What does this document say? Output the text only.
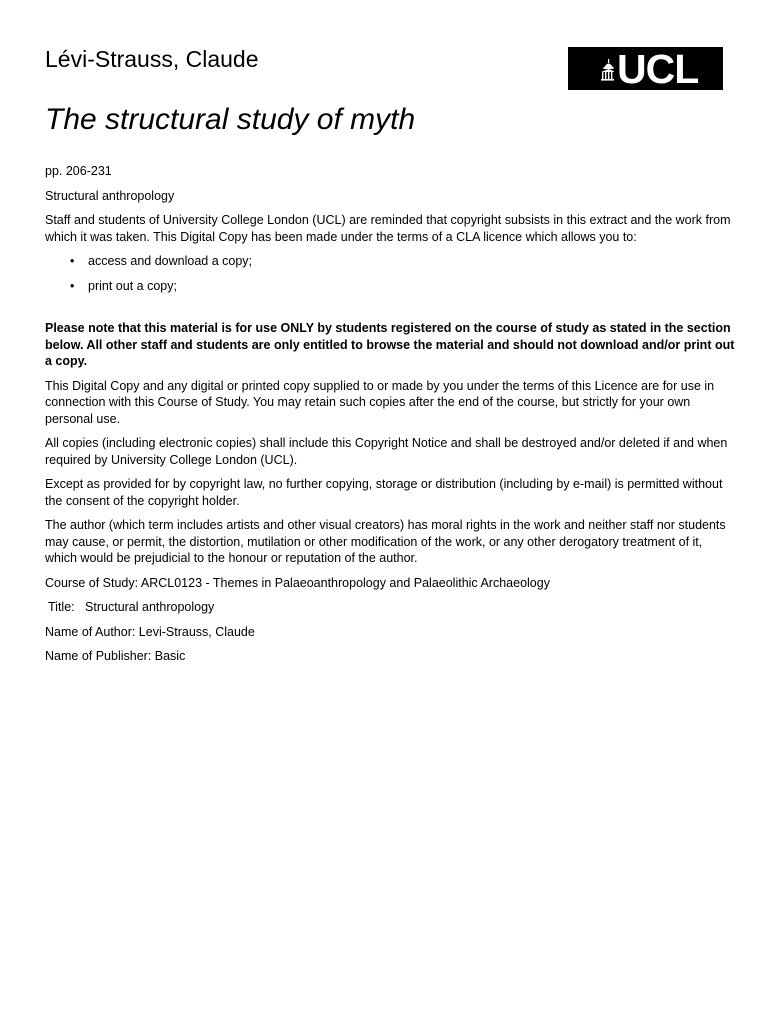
Lévi-Strauss, Claude	UCL
The structural study of myth

pp. 206-231

Structural anthropology

Staff and students of University College London (UCL) are reminded that copyright subsists in this extract and the work from which it was taken. This Digital Copy has been made under the terms of a CLA licence which allows you to:

• access and download a copy;
• print out a copy;

Please note that this material is for use ONLY by students registered on the course of study as stated in the section below. All other staff and students are only entitled to browse the material and should not download and/or print out a copy.

This Digital Copy and any digital or printed copy supplied to or made by you under the terms of this Licence are for use in connection with this Course of Study. You may retain such copies after the end of the course, but strictly for your own personal use.

All copies (including electronic copies) shall include this Copyright Notice and shall be destroyed and/or deleted if and when required by University College London (UCL).

Except as provided for by copyright law, no further copying, storage or distribution (including by e-mail) is permitted without the consent of the copyright holder.

The author (which term includes artists and other visual creators) has moral rights in the work and neither staff nor students may cause, or permit, the distortion, mutilation or other modification of the work, or any other derogatory treatment of it, which would be prejudicial to the honour or reputation of the author.

Course of Study: ARCL0123 - Themes in Palaeoanthropology and Palaeolithic Archaeology

Title:   Structural anthropology

Name of Author: Levi-Strauss, Claude

Name of Publisher: Basic
